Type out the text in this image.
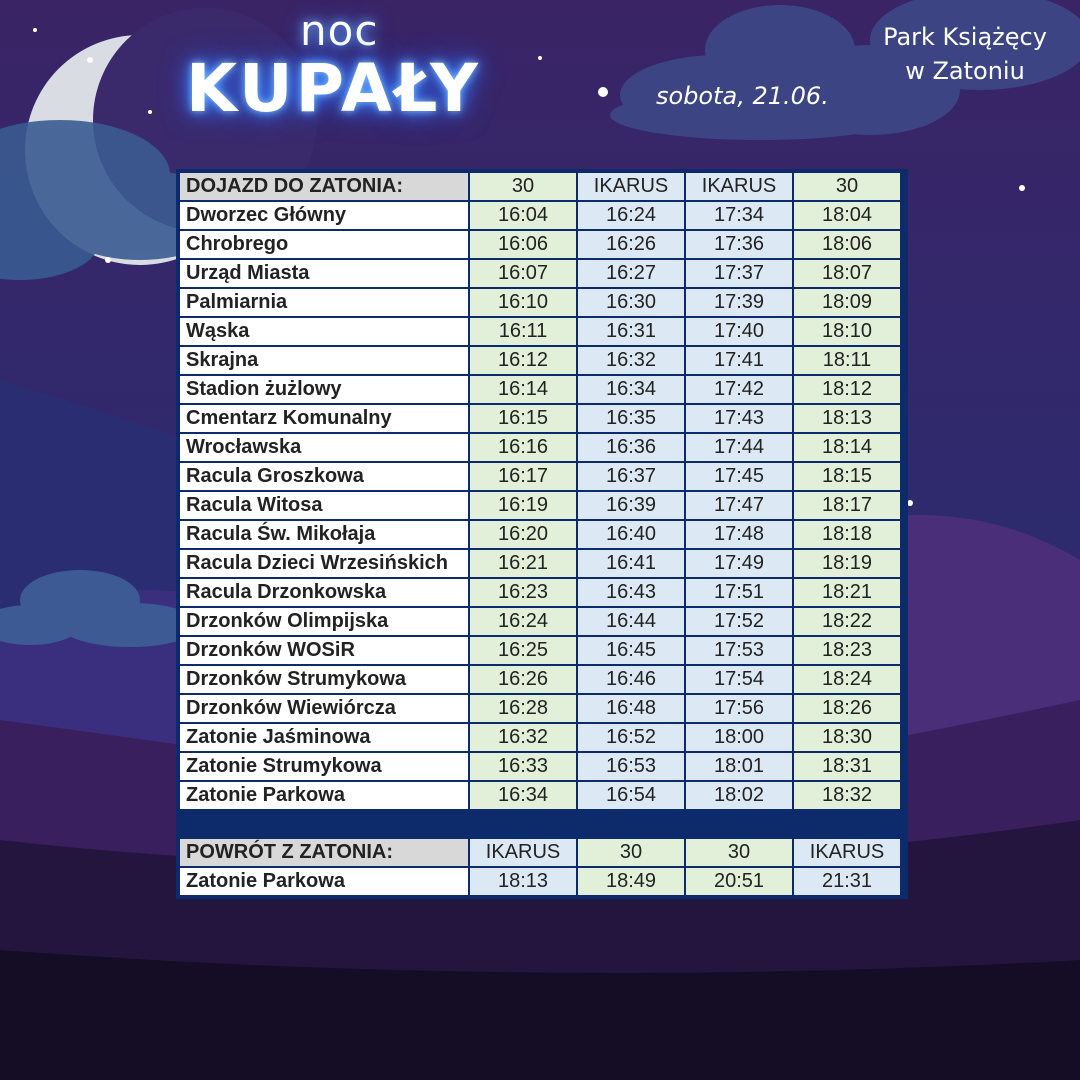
noc
KUPAŁY	sobota, 21.06.
Park Książęcy
w Zatoniu
DOJAZD DO ZATONIA:	30	IKARUS	IKARUS	30
Dworzec Główny	16:04	16:24	17:34	18:04
Chrobrego	16:06	16:26	17:36	18:06
Urząd Miasta	16:07	16:27	17:37	18:07
Palmiarnia	16:10	16:30	17:39	18:09
Wąska	16:11	16:31	17:40	18:10
Skrajna	16:12	16:32	17:41	18:11
Stadion żużlowy	16:14	16:34	17:42	18:12
Cmentarz Komunalny	16:15	16:35	17:43	18:13
Wrocławska	16:16	16:36	17:44	18:14
Racula Groszkowa	16:17	16:37	17:45	18:15
Racula Witosa	16:19	16:39	17:47	18:17
Racula Św. Mikołaja	16:20	16:40	17:48	18:18
Racula Dzieci Wrzesińskich	16:21	16:41	17:49	18:19
Racula Drzonkowska	16:23	16:43	17:51	18:21
Drzonków Olimpijska	16:24	16:44	17:52	18:22
Drzonków WOSiR	16:25	16:45	17:53	18:23
Drzonków Strumykowa	16:26	16:46	17:54	18:24
Drzonków Wiewiórcza	16:28	16:48	17:56	18:26
Zatonie Jaśminowa	16:32	16:52	18:00	18:30
Zatonie Strumykowa	16:33	16:53	18:01	18:31
Zatonie Parkowa	16:34	16:54	18:02	18:32

POWRÓT Z ZATONIA:	IKARUS	30	30	IKARUS
Zatonie Parkowa	18:13	18:49	20:51	21:31
